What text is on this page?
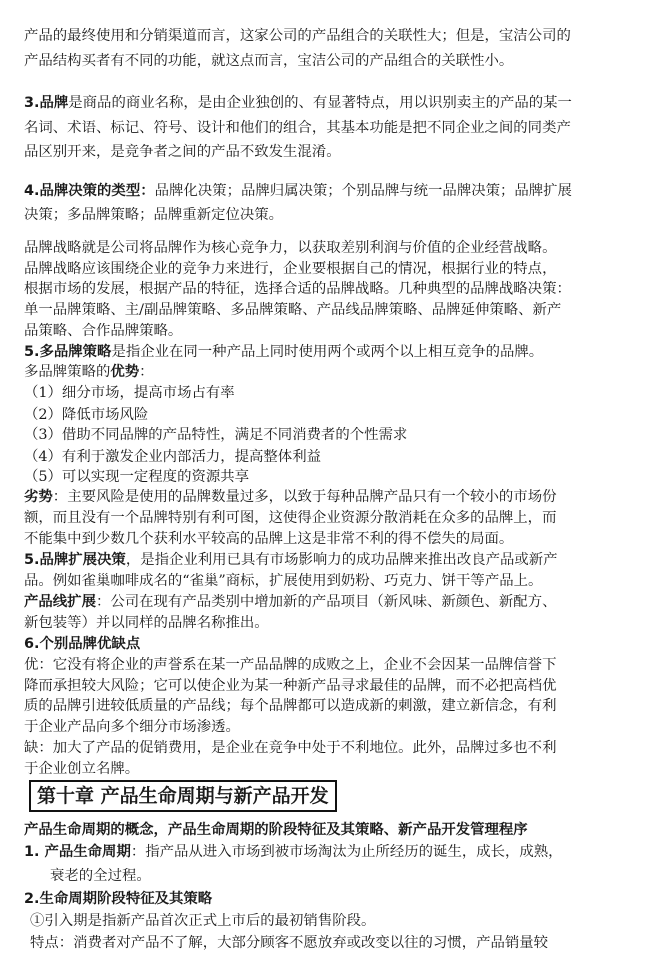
第十章 产品生命周期与新产品开发
产品的最终使用和分销渠道而言，这家公司的产品组合的关联性大；但是，宝洁公司的
产品结构买者有不同的功能，就这点而言，宝洁公司的产品组合的关联性小。
3.品牌是商品的商业名称，是由企业独创的、有显著特点，用以识别卖主的产品的某一
名词、术语、标记、符号、设计和他们的组合，其基本功能是把不同企业之间的同类产
品区别开来，是竞争者之间的产品不致发生混淆。
4.品牌决策的类型：品牌化决策；品牌归属决策；个别品牌与统一品牌决策；品牌扩展
决策；多品牌策略；品牌重新定位决策。
品牌战略就是公司将品牌作为核心竞争力，以获取差别利润与价值的企业经营战略。
品牌战略应该围绕企业的竞争力来进行，企业要根据自己的情况，根据行业的特点，
根据市场的发展，根据产品的特征，选择合适的品牌战略。几种典型的品牌战略决策：
单一品牌策略、主/副品牌策略、多品牌策略、产品线品牌策略、品牌延伸策略、新产
品策略、合作品牌策略。
5.多品牌策略是指企业在同一种产品上同时使用两个或两个以上相互竞争的品牌。
多品牌策略的优势：
（1）细分市场，提高市场占有率
（2）降低市场风险
（3）借助不同品牌的产品特性，满足不同消费者的个性需求
（4）有利于激发企业内部活力，提高整体利益
（5）可以实现一定程度的资源共享
劣势：主要风险是使用的品牌数量过多，以致于每种品牌产品只有一个较小的市场份
额，而且没有一个品牌特别有利可图，这使得企业资源分散消耗在众多的品牌上，而
不能集中到少数几个获利水平较高的品牌上这是非常不利的得不偿失的局面。
5.品牌扩展决策，是指企业利用已具有市场影响力的成功品牌来推出改良产品或新产
品。例如雀巢咖啡成名的“雀巢”商标，扩展使用到奶粉、巧克力、饼干等产品上。
产品线扩展：公司在现有产品类别中增加新的产品项目（新风味、新颜色、新配方、
新包装等）并以同样的品牌名称推出。
6.个别品牌优缺点
优：它没有将企业的声誉系在某一产品品牌的成败之上，企业不会因某一品牌信誉下
降而承担较大风险；它可以使企业为某一种新产品寻求最佳的品牌，而不必把高档优
质的品牌引进较低质量的产品线；每个品牌都可以造成新的刺激，建立新信念，有利
于企业产品向多个细分市场渗透。
缺：加大了产品的促销费用，是企业在竞争中处于不利地位。此外，品牌过多也不利
于企业创立名牌。
产品生命周期的概念，产品生命周期的阶段特征及其策略、新产品开发管理程序
1. 产品生命周期：指产品从进入市场到被市场淘汰为止所经历的诞生，成长，成熟，
衰老的全过程。
2.生命周期阶段特征及其策略
①引入期是指新产品首次正式上市后的最初销售阶段。
特点：消费者对产品不了解，大部分顾客不愿放弃或改变以往的习惯，产品销量较
